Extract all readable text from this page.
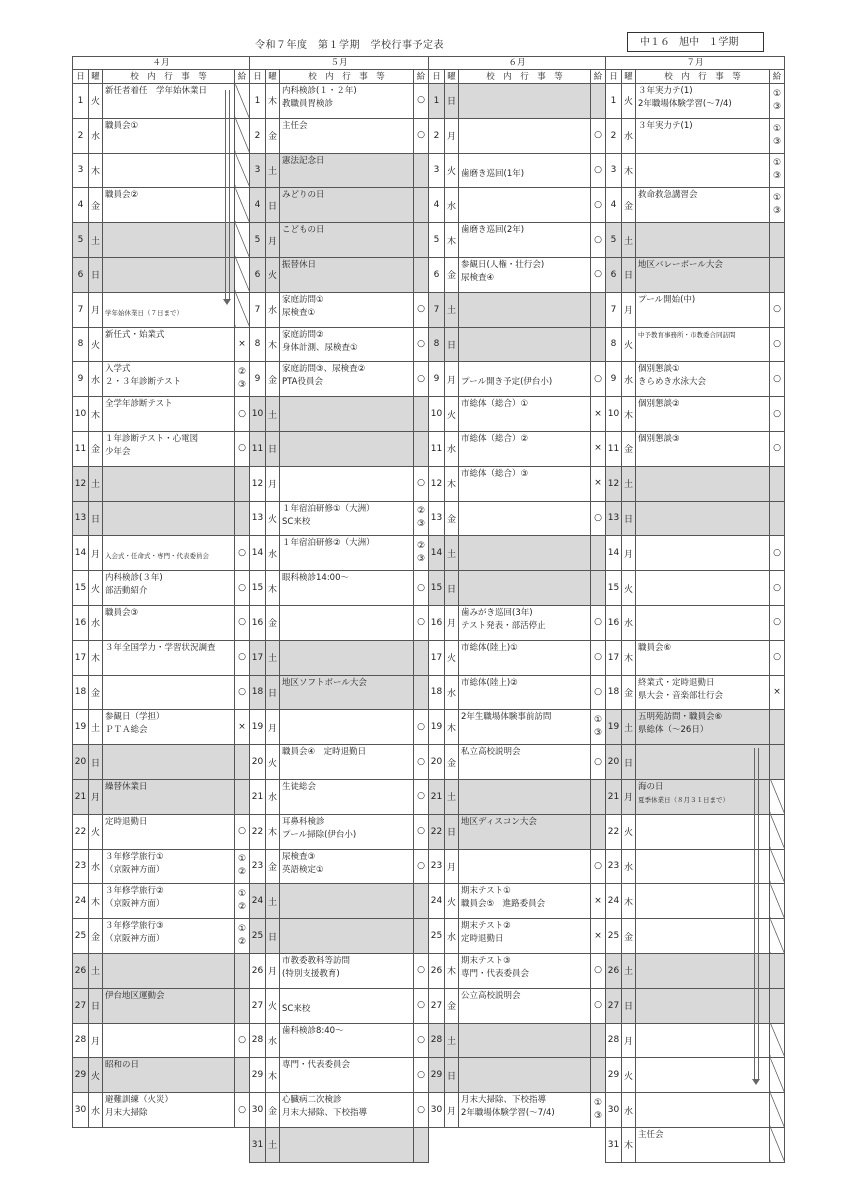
令和７年度　第１学期　学校行事予定表	中１６ 旭中 １学期
４月			
日	曜	校　内　行　事　等	給
1	火	新任者着任　学年始休業日	

2	水	職員会①	

3	木		
4	金	職員会②	

5	土		
6	日		
7	月	学年始休業日（７日まで）	

8	火	新任式・始業式	×
9	水	入学式
２・３年診断テスト	②
③

10	木	全学年診断テスト	○
11	金	１年診断テスト・心電図
少年会	○
12	土		
13	日		
14	月	入会式・任命式・専門・代表委員会	○
15	火	内科検診(３年)
部活動紹介	○
16	水	職員会③	○
17	木	３年全国学力・学習状況調査	○
18	金		○
19	土	参観日（学担）
ＰＴＡ総会	×
20	日		
21	月	繰替休業日	

22	火	定時退勤日	○
23	水	３年修学旅行①
（京阪神方面）	①
②

24	木	３年修学旅行②
（京阪神方面）	①
②

25	金	３年修学旅行③
（京阪神方面）	①
②

26	土		
27	日	伊台地区運動会	

28	月		○
29	火	昭和の日	

30	水	避難訓練（火災）
月末大掃除	○
５月			
日	曜	校　内　行　事　等	給
1	木	内科検診(１・２年)
教職員胃検診	○
2	金	主任会	○
3	土	憲法記念日	

4	日	みどりの日	

5	月	こどもの日	

6	火	振替休日	

7	水	家庭訪問①
尿検査①	○
8	木	家庭訪問②
身体計測、尿検査①	○
9	金	家庭訪問③、尿検査②
PTA役員会	○
10	土		
11	日		
12	月		○
13	火	１年宿泊研修①（大洲）
SC来校	②
③

14	水	１年宿泊研修②（大洲）	②
③

15	木	眼科検診14:00～	○
16	金		○
17	土		
18	日	地区ソフトボール大会	

19	月		○
20	火	職員会④　定時退勤日	○
21	水	生徒総会	○
22	木	耳鼻科検診
プール掃除(伊台小)	○
23	金	尿検査③
英語検定①	○
24	土		
25	日		
26	月	市教委教科等訪問
(特別支援教育)	○
27	火	SC来校	○
28	水	歯科検診8:40～	○
29	木	専門・代表委員会	○
30	金	心臓病二次検診
月末大掃除、下校指導	○
31	土		
６月			
日	曜	校　内　行　事　等	給
1	日		
2	月		○
3	火	歯磨き巡回(1年)	○
4	水		○
5	木	歯磨き巡回(2年)	○
6	金	参観日(人権・壮行会)
尿検査④	○
7	土		
8	日		
9	月	プール開き予定(伊台小)	○
10	火	市総体（総合）①	×
11	水	市総体（総合）②	×
12	木	市総体（総合）③	×
13	金		○
14	土		
15	日		
16	月	歯みがき巡回(3年)
テスト発表・部活停止	○
17	火	市総体(陸上)①	○
18	水	市総体(陸上)②	○
19	木	2年生職場体験事前訪問	①
③

20	金	私立高校説明会	○
21	土		
22	日	地区ディスコン大会	

23	月		○
24	火	期末テスト①
職員会⑤　進路委員会	×
25	水	期末テスト②
定時退勤日	×
26	木	期末テスト③
専門・代表委員会	○
27	金	公立高校説明会	○
28	土		
29	日		
30	月	月末大掃除、下校指導
2年職場体験学習(～7/4)	①
③
７月			
日	曜	校　内　行　事　等	給
1	火	３年実力テ(1)
2年職場体験学習(～7/4)	①
③

2	水	３年実力テ(1)	①
③

3	木		①
③

4	金	救命救急講習会	①
③

5	土		
6	日	地区バレーボール大会	

7	月	プール開始(中)	○
8	火	中予教育事務所・市教委合同訪問	○
9	水	個別懇談①
きらめき水泳大会	○
10	木	個別懇談②	○
11	金	個別懇談③	○
12	土		
13	日		
14	月		○
15	火		○
16	水		○
17	木	職員会⑥	○
18	金	終業式・定時退勤日
県大会・音楽部壮行会	×
19	土	五明苑訪問・職員会⑥
県総体（～26日）	

20	日		
21	月	海の日
夏季休業日（８月３１日まで）	

22	火		
23	水		
24	木		
25	金		
26	土		
27	日		
28	月		
29	火		
30	水		
31	木	主任会	
